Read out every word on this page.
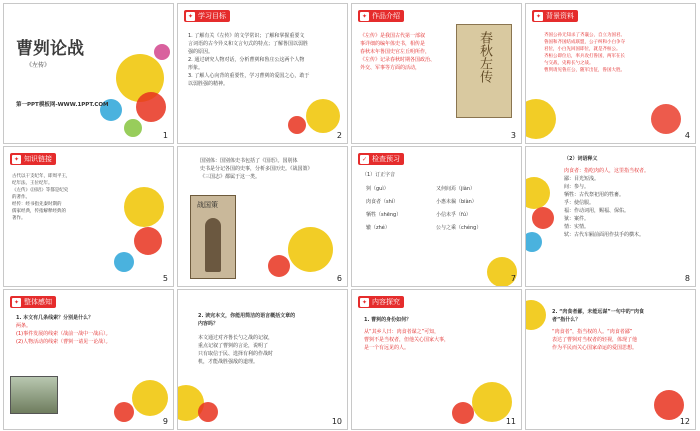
曹刿论战
《左传》
第一PPT模板网-WWW.1PPT.COM
1
✦ 学习目标
1. 了解有关《左传》的文学常识；了解和掌握重要文
言词语的古今异义和文言句式的特点；了解鲁国以弱胜
强的原因。
2. 通过研究人物对话，分析曹刿和鲁庄公这两个人物
形象。
3. 了解人心向背的重要性，学习曹刿的爱国之心，敢于
以弱胜强的精神。
2
✦ 作品介绍
《左传》是我国古代第一部叙
事详细的编年体史书，相传是
春秋末年鲁国史官左丘明所作，
《左传》记录春秋时期各国政治、
外交、军事等方面的活动，	春秋左传
3
✦ 背景资料
齐国公孙无知杀了齐襄公，自立为国君。
鲁国和齐国结成联盟，公子纠和小白争夺
君位，小白先回国即位，就是齐桓公。
齐桓公即位后，率兵攻打鲁国，两军在长
勺交战，史称长勺之战。
曹刿请见鲁庄公，随军出征，鲁国大胜。
4
✦ 知识链接
古代以干支纪年，即周平王，
纪年法、王位纪年。
《左传》《国语》等都是纪史
的著作。
经传：经书指先秦时期的
儒家经典，传指解释经典的
著作。
5
国别体：国别体史书包括了《国语》。国别体
史书是分记各国的史事，分析多国历史。《战国策》
《三国志》都属于这一类。
战国策
6
✓ 检查预习
（1）订正字音
刿（guì）	又何间焉（jiàn）
肉食者（shí）	小惠未徧（biàn）
牺牲（shēng）	小信未孚（fú）
辙（zhé）	公与之乘（chéng）
7
（2）词语释义
肉食者：指吃肉的人，这里指当权者。
鄙：目光短浅。
间：参与。
牺牲：古代祭祀用的牲畜。
孚：使信服。
福：作动词用，赐福、保佑。
狱：案件。
情：实情。
轼：古代车厢前面用作扶手的横木。
8
✦ 整体感知
1. 本文有几条线索？分别是什么？
两条。
(1)事件发展的线索（战前一战中一战后）。
(2)人物活动的线索（曹刿一请见一论战）。
9
2. 读完本文，你能用简洁的语言概括文章的
内容吗？
本文通过对齐鲁长勺之战的记叙，
重点记叙了曹刿的言论，说明了
只有取信于民、选择有利的作战时
机，才能战胜强敌的道理。
10
✦ 内容探究
1. 曹刿的身份如何？
从“其乡人曰：肉食者谋之”可知，
曹刿不是当权者，但他关心国家大事，
是一个有远见的人。
11
2. “肉食者鄙，未能远谋”一句中的“肉食
者”指什么？
“肉食者”，指当权的人。“肉食者鄙”
表达了曹刿对当权者的轻视，体现了他
作为平民而关心国家命运的爱国思想。
12
